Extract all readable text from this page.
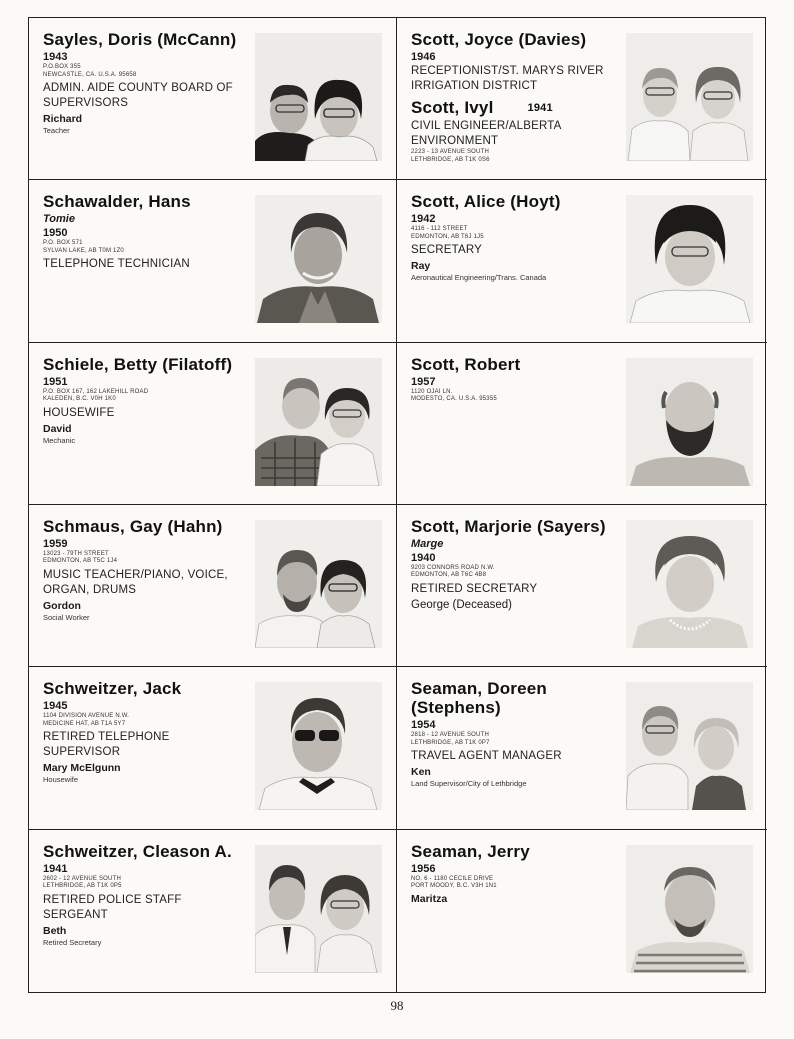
Sayles, Doris (McCann)
1943
P.O.BOX 355
NEWCASTLE, CA. U.S.A. 95658
ADMIN. AIDE COUNTY BOARD OF SUPERVISORS
Richard
Teacher
Scott, Joyce (Davies)
1946
RECEPTIONIST/ST. MARYS RIVER IRRIGATION DISTRICT
Scott, Ivyl	1941
CIVIL ENGINEER/ALBERTA ENVIRONMENT
2223 - 13 AVENUE SOUTH
LETHBRIDGE, AB T1K 0S6
Schawalder, Hans
Tomie
1950
P.O. BOX 571
SYLVAN LAKE, AB T0M 1Z0
TELEPHONE TECHNICIAN
Scott, Alice (Hoyt)
1942
4116 - 112 STREET
EDMONTON, AB T6J 1J5
SECRETARY
Ray
Aeronautical Engineering/Trans. Canada
Schiele, Betty (Filatoff)
1951
P.O. BOX 167, 162 LAKEHILL ROAD
KALEDEN, B.C. V0H 1K0
HOUSEWIFE
David
Mechanic
Scott, Robert
1957
1120 OJAI LN.
MODESTO, CA. U.S.A. 95355
Schmaus, Gay (Hahn)
1959
13023 - 79TH STREET
EDMONTON, AB T5C 1J4
MUSIC TEACHER/PIANO, VOICE, ORGAN, DRUMS
Gordon
Social Worker
Scott, Marjorie (Sayers)
Marge
1940
9203 CONNORS ROAD N.W.
EDMONTON, AB T6C 4B8
RETIRED SECRETARY
George (Deceased)
Schweitzer, Jack
1945
1104 DIVISION AVENUE N.W.
MEDICINE HAT, AB T1A 5Y7
RETIRED TELEPHONE SUPERVISOR
Mary McElgunn
Housewife
Seaman, Doreen (Stephens)
1954
2818 - 12 AVENUE SOUTH
LETHBRIDGE, AB T1K 0P7
TRAVEL AGENT MANAGER
Ken
Land Supervisor/City of Lethbridge
Schweitzer, Cleason A.
1941
2602 - 12 AVENUE SOUTH
LETHBRIDGE, AB T1K 0P5
RETIRED POLICE STAFF SERGEANT
Beth
Retired Secretary
Seaman, Jerry
1956
NO. 6 - 1180 CECILE DRIVE
PORT MOODY, B.C. V3H 1N1
Maritza
98
